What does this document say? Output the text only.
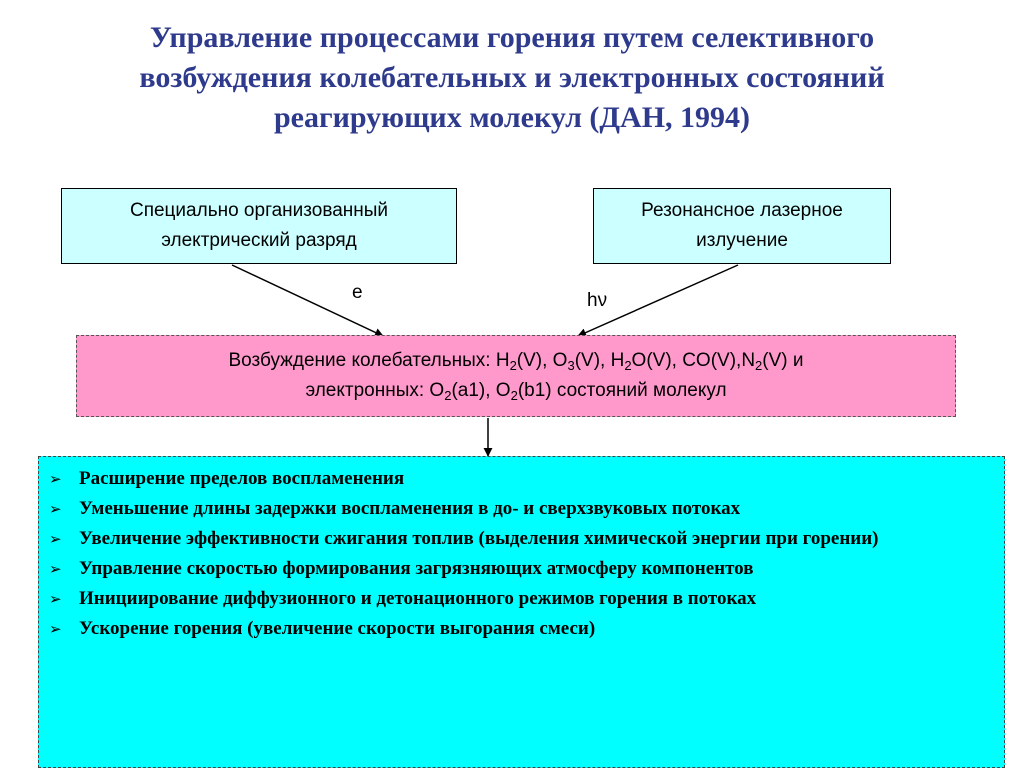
Управление процессами горения путем селективного
возбуждения колебательных и электронных состояний
реагирующих молекул (ДАН, 1994)
Специально организованный
электрический разряд
Резонансное лазерное
излучение
e	hν
Возбуждение колебательных: $H_2(V)$, $O_3(V)$, $H_2O(V)$, $CO(V),N_2(V)$ и
электронных: $O_2(a1)$, $O_2(b1)$ состояний молекул
➢ Расширение пределов воспламенения
➢ Уменьшение длины задержки воспламенения в до- и сверхзвуковых потоках
➢ Увеличение эффективности сжигания топлив (выделения химической энергии при горении)
➢ Управление скоростью формирования загрязняющих атмосферу компонентов
➢ Инициирование диффузионного и детонационного режимов горения в потоках
➢ Ускорение горения (увеличение скорости выгорания смеси)
